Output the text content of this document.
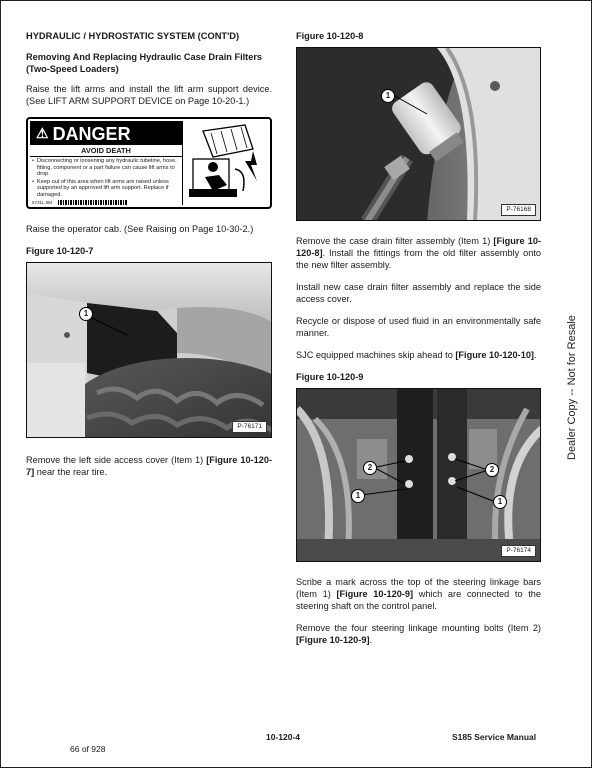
HYDRAULIC / HYDROSTATIC SYSTEM (CONT'D)
Removing And Replacing Hydraulic Case Drain Filters (Two-Speed Loaders)
Raise the lift arms and install the lift arm support device. (See LIFT ARM SUPPORT DEVICE on Page 10-20-1.)
⚠ DANGER
AVOID DEATH
• Disconnecting or loosening any hydraulic tubeline, hose, fitting, component or a part failure can cause lift arms to drop.
• Keep out of this area when lift arms are raised unless supported by an approved lift arm support. Replace if damaged.
6731L.0M
Raise the operator cab. (See Raising on Page 10-30-2.)
Figure 10-120-7
1
P-76171
Remove the left side access cover (Item 1) [Figure 10-120-7] near the rear tire.
Figure 10-120-8
1
P-76168
Remove the case drain filter assembly (Item 1) [Figure 10-120-8]. Install the fittings from the old filter assembly onto the new filter assembly.
Install new case drain filter assembly and replace the side access cover.
Recycle or dispose of used fluid in an environmentally safe manner.
SJC equipped machines skip ahead to [Figure 10-120-10].
Figure 10-120-9
2	2
1
1
P-76174
Scribe a mark across the top of the steering linkage bars (Item 1) [Figure 10-120-9] which are connected to the steering shaft on the control panel.
Remove the four steering linkage mounting bolts (Item 2) [Figure 10-120-9].
10-120-4	S185 Service Manual
66 of 928
Dealer Copy -- Not for Resale
